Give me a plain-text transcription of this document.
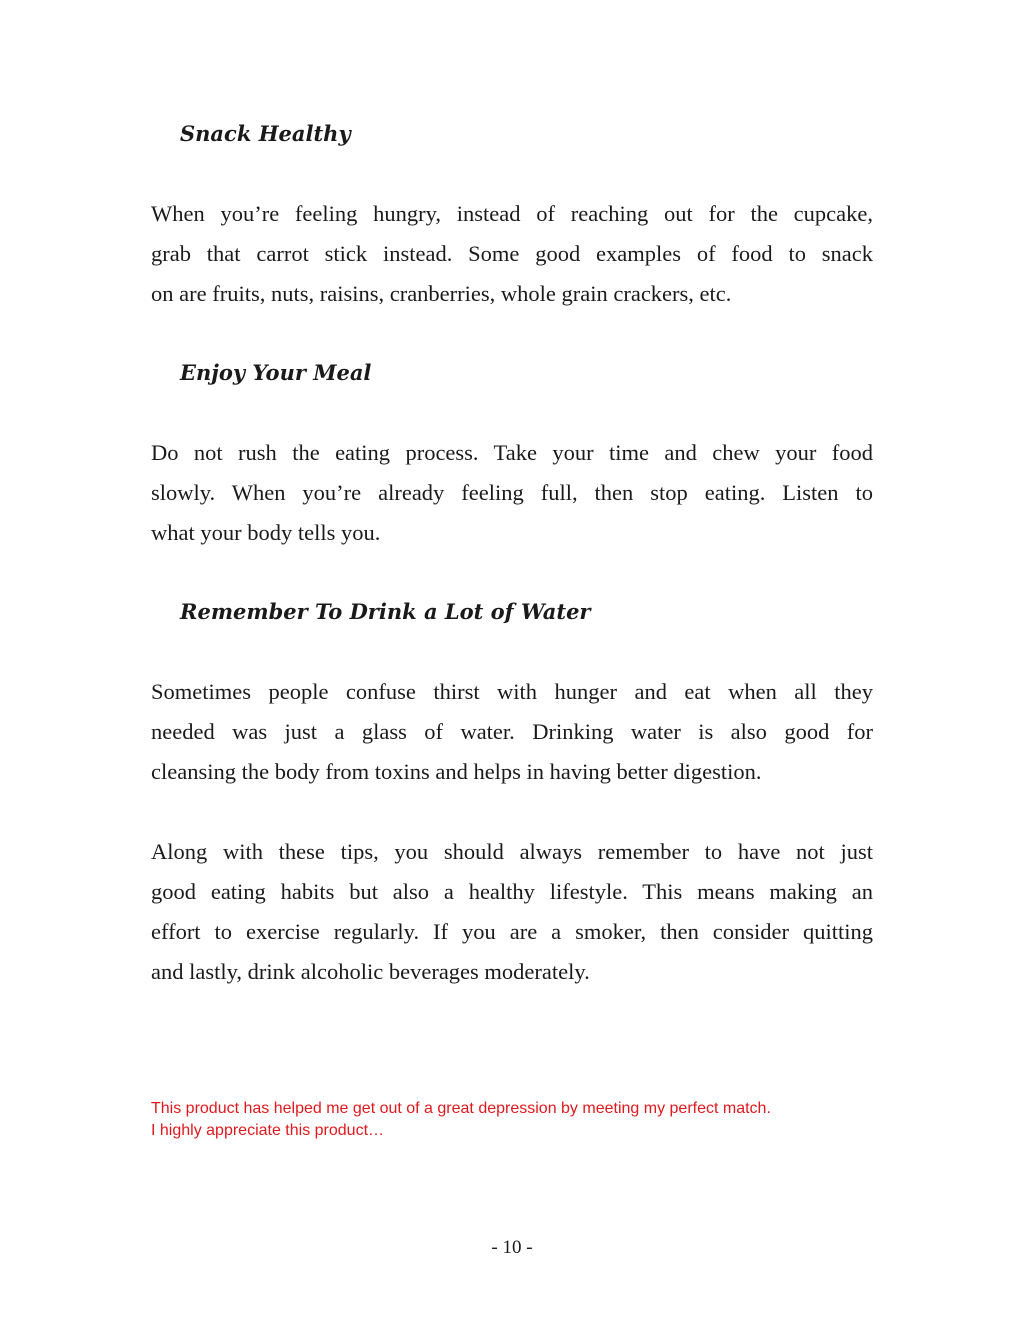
Snack Healthy

When you’re feeling hungry, instead of reaching out for the cupcake,
grab that carrot stick instead. Some good examples of food to snack
on are fruits, nuts, raisins, cranberries, whole grain crackers, etc.

Enjoy Your Meal

Do not rush the eating process. Take your time and chew your food
slowly. When you’re already feeling full, then stop eating. Listen to
what your body tells you.

Remember To Drink a Lot of Water

Sometimes people confuse thirst with hunger and eat when all they
needed was just a glass of water. Drinking water is also good for
cleansing the body from toxins and helps in having better digestion.

Along with these tips, you should always remember to have not just
good eating habits but also a healthy lifestyle. This means making an
effort to exercise regularly. If you are a smoker, then consider quitting
and lastly, drink alcoholic beverages moderately.

This product has helped me get out of a great depression by meeting my perfect match.
I highly appreciate this product…

- 10 -
